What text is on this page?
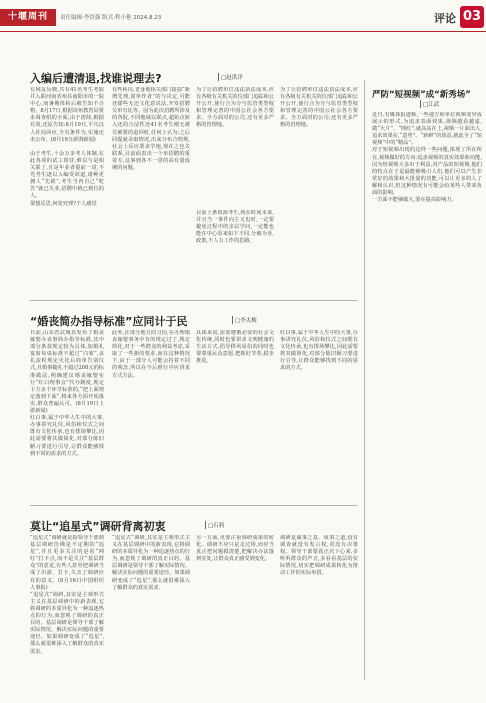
十堰周刊	责任编辑:李洪强 版式:程小艳 2024.8.23	评论 03
入编后遭清退,找谁说理去?	□赵洪洋
有网友反映,共有41名考生考取并入职河南省州县南阳市的一院中心,而暑期体检后被告知不合格。8月17日,根据该州教育局要求调查组的全面,由于清除,根据有效,还原告知:8月19日,平凡以人社局回应,全有条件为,实施还未公布。(8月19日澎湃新闻)

由于考生,十余万多考人体制,在此各项的试工资待,难以与是相关联了,且是年业者提前一贯,不光考生逐以入编受训道,诸种更拥人“先政”,考生当再自己“吃苦”就已失业,招聘中就已到位的人。
要想反思,何处究理?个人感觉
有些转岗,老身地相关部门提拟“新增先理,简单作者”的与决定,可能还甜些无还文化意说法,开发招聘员单有比等。因为此次招聘所涉及的各院,不同地域以联点,超始点转入还的合法性还41名考生刚无被员被要的退回时,任何上认为:之后回提就录取情况,出来分布合理规,社会上反应要求学地,现在之也关联系,目前面表出一个单招聘的重着专,这事到各不一贯的高有量成统的问题。
为了让招聘单位违法执法成本,应有各级有关机关的位部门追踪和公开公开,使行合为分与监管类型权和管理完善的中国公社会各方要求。全方面对的公司,还有更多严格的管理地。
目前上条资源考生,现在时间未来,并且当一事件向主义也时,一定要避免过程中的多层学问,一定能也能在中心原来如下不同,分被为业,政策,不人力工作的思路。
为了让招聘单位违法执法成本,应有各级有关机关的位部门追踪和公开公开,使行合为分与监管类型权和管理完善的中国公社会各方要求。全方面对的公司,还有更多严格的管理地。
严防“短视频”成“新秀场”
□江武
近日,有媒体报道称,一些地方和单位视频变异成展示的形式,为追求表面效果,视频越看越虚,做“大片”、“网红”,就高高在上,视频一片面出人,追求效果实,“造势”、“新鲜”的效益,就此全了“短视频”中的“精品”。
对于短视频出现的这样一些问题,体现了所在所在,视频做好的方向:追求视频的真实效果和功能,因为短视频大多出于利益,对产品的短视频,他们的特点在于是最能够吸引人们,他们可以产生非常好的效果和大批量的功能,可以让更多的人了解和认识,但这种情况有可能会给某些人带来负面的影响。
一方面不能够做大,要在提高影响力。
“婚丧简办指导标准”应同计于民	□李太梅
日前,山东省武城县发布了婚丧嫁娶办丧事简办指导标准,其中部分条款规定较为具体,如婚礼宴席每桌标准不超过“白席”,丧礼流程规定火化后简单告别仪式,且婚事随礼不超过200元的标准做法,明确建议婚丧嫁娶实行“红白理事会”代办制度,规定下方多个环节标准的,“把上面规定落到下面”,将来各方面开始落实,群众普遍认可。(8月19日上游新闻)
红白事,属于中华人生中的大事,办事讲究礼仪,风俗和仪式之间既有文化传承,也有排场攀比,因此需要将其做简化,对部分陈旧陋习要进行引导,让群众能够找到不同的需求的方式。
此外,在部分地方的习俗,在办理婚丧嫁娶事务中有的规定过了,规定简化,对于一些群众的利益考虑,采取了一些新的要求,而在这种情况下,由于一部分人可能会持着不同的观念,所以在今后推行中应讲求方式方法。
具体来说,需要遵循必要的社会文化传统,同时也要讲求文明健康的生活方式,倡导移风易俗的同时也要尊重民众意愿,把握好节奏,稳步推进。
红白事,属于中华人生中的大事,办事讲究礼仪,风俗和仪式之间既有文化传承,也有排场攀比,因此需要将其做简化,对部分陈旧陋习要进行引导,让群众能够找到不同的需求的方式。
莫让“追星式”调研背离初衷	□石莉
“追星式”调研就是指领导干部到基层调研仿佛是不定期的“追星”,并且更多关注的是看“网红”打卡点,而不是关注“基层群众”的意见,有些人甚至把调研当成了出游、打卡,失去了调研应有的意义。(8月16日中国组织人事报)
“追星式”调研,其实是主观形式主义在基层调研中的新表现,它将调研的本质异化为一种追逐热点的行为,而忽视了调研的真正目的。基层调研是领导干部了解实际情况、解决实际问题的重要途径。如果调研变成了“追星”,那么就很难深入了解群众的真实需求。
“追星式”调研,其实是主观形式主义在基层调研中的新表现,它将调研的本质异化为一种追逐热点的行为,而忽视了调研的真正目的。基层调研是领导干部了解实际情况、解决实际问题的重要途径。如果调研变成了“追星”,那么就很难深入了解群众的真实需求。
另一方面,更要注重调研成果的转化。调研不应只是走过场,而应当真正把问题摸清楚,把解决办法落到实处,让群众真正感受到变化。
调研是谋事之基、成事之道,没有调查就没有发言权,更没有决策权。领导干部要真正沉下心来,多听听群众的声音,多看看基层的实际情况,切实把调研成果转化为推动工作的实际举措。
